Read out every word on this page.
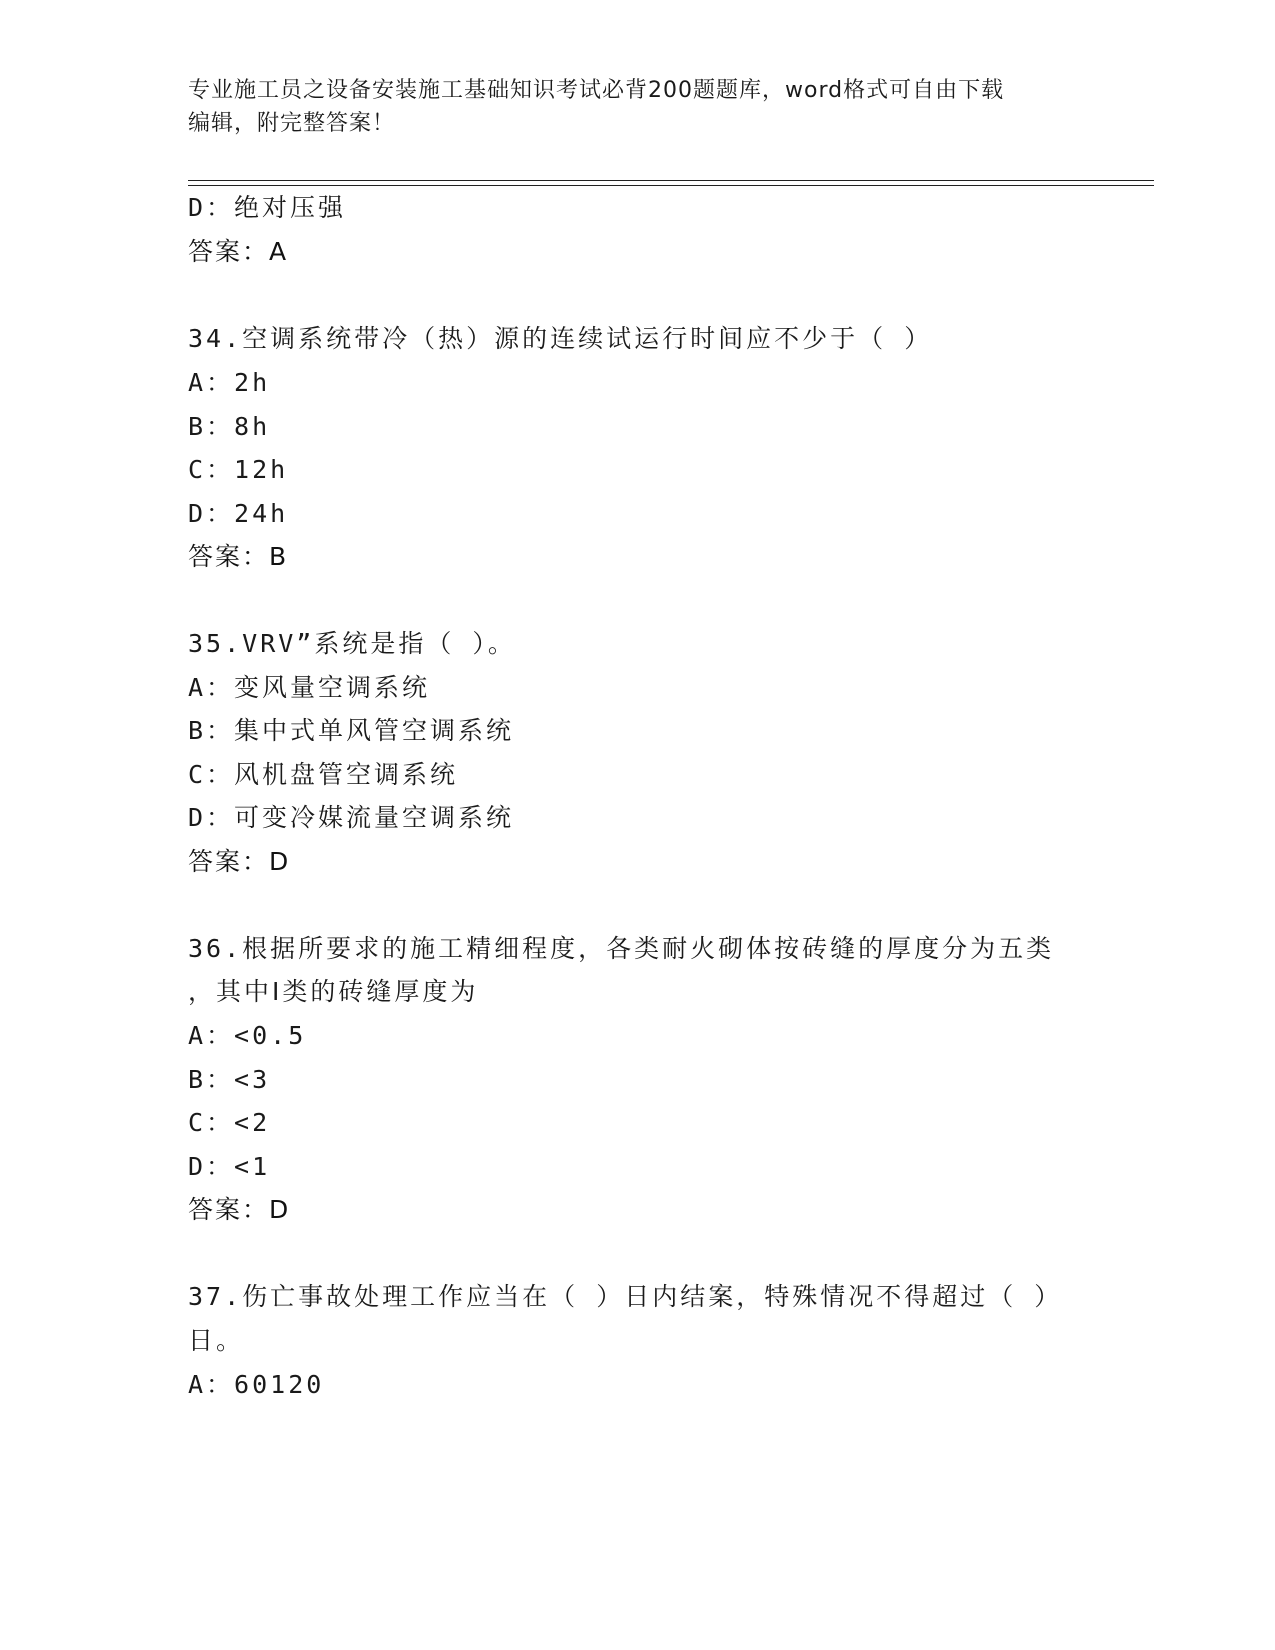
专业施工员之设备安装施工基础知识考试必背200题题库，word格式可自由下载
编辑，附完整答案！
D：绝对压强
答案：A
34.空调系统带冷（热）源的连续试运行时间应不少于（ ）
A：2h
B：8h
C：12h
D：24h
答案：B
35.VRV”系统是指（ ）。
A：变风量空调系统
B：集中式单风管空调系统
C：风机盘管空调系统
D：可变冷媒流量空调系统
答案：D
36.根据所要求的施工精细程度，各类耐火砌体按砖缝的厚度分为五类
，其中Ⅰ类的砖缝厚度为
A：<0.5
B：<3
C：<2
D：<1
答案：D
37.伤亡事故处理工作应当在（ ）日内结案，特殊情况不得超过（ ）
日。
A：60120
